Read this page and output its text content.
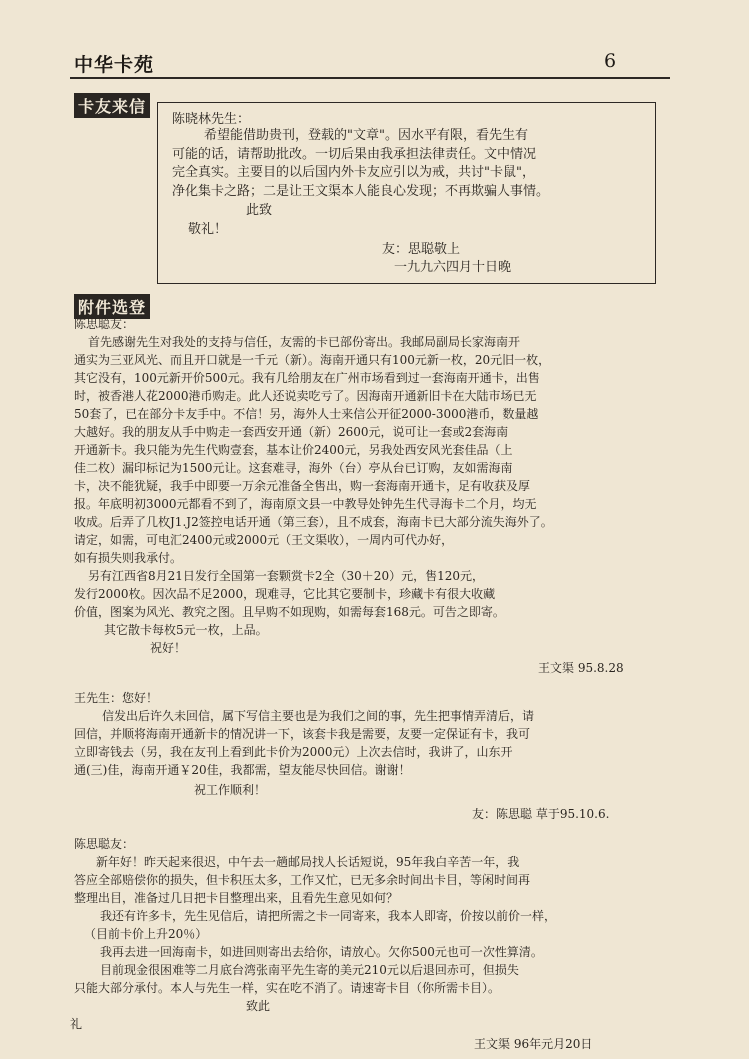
中华卡苑	6
卡友来信
陈晓林先生：
希望能借助贵刊，登载的"文章"。因水平有限，看先生有
可能的话，请帮助批改。一切后果由我承担法律责任。文中情况
完全真实。主要目的以后国内外卡友应引以为戒，共讨"卡鼠"，
净化集卡之路；二是让王文渠本人能良心发现；不再欺骗人事情。
此致
敬礼！
友：思聪敬上
一九九六四月十日晚
附件选登
陈思聪友：
首先感谢先生对我处的支持与信任，友需的卡已部份寄出。我邮局副局长家海南开
通实为三亚风光、而且开口就是一千元（新）。海南开通只有100元新一枚，20元旧一枚，
其它没有，100元新开价500元。我有几给朋友在广州市场看到过一套海南开通卡，出售
时，被香港人花2000港币购走。此人还说卖吃亏了。因海南开通新旧卡在大陆市场已无
50套了，已在部分卡友手中。不信！另，海外人士来信公开征2000-3000港币，数量越
大越好。我的朋友从手中购走一套西安开通（新）2600元，说可让一套或2套海南
开通新卡。我只能为先生代购壹套，基本让价2400元，另我处西安风光套佳品（上
佳二枚）漏印标记为1500元让。这套难寻，海外（台）亭从台已订购，友如需海南
卡，决不能犹疑，我手中即要一万余元准备全售出，购一套海南开通卡，足有收获及厚
报。年底明初3000元都看不到了，海南原文县一中教导处钟先生代寻海卡二个月，均无
收成。后弄了几枚J1.J2签控电话开通（第三套），且不成套，海南卡已大部分流失海外了。
请定，如需，可电汇2400元或2000元（王文渠收），一周内可代办好，
如有损失则我承付。
另有江西省8月21日发行全国第一套颗赏卡2全（30＋20）元，售120元，
发行2000枚。因次品不足2000，现难寻，它比其它要制卡，珍藏卡有很大收藏
价值，图案为风光、教究之图。且早购不如现购，如需每套168元。可告之即寄。
其它散卡每枚5元一枚，上品。
祝好！
王文渠 95.8.28
王先生：您好！
信发出后许久未回信，属下写信主要也是为我们之间的事，先生把事情弄清后，请
回信，并顺将海南开通新卡的情况讲一下，该套卡我是需要，友要一定保证有卡，我可
立即寄钱去（另，我在友刊上看到此卡价为2000元）上次去信时，我讲了，山东开
通(三)佳，海南开通￥20佳，我都需，望友能尽快回信。谢谢！
祝工作顺利！
友：陈思聪 草于95.10.6.
陈思聪友：
新年好！昨天起来很迟，中午去一趟邮局找人长话短说，95年我白辛苦一年，我
答应全部赔偿你的损失，但卡积压太多，工作又忙，已无多余时间出卡目，等闲时间再
整理出目，准备过几日把卡目整理出来，且看先生意见如何？
我还有许多卡，先生见信后，请把所需之卡一同寄来，我本人即寄，价按以前价一样，
（目前卡价上升20％）
我再去进一回海南卡，如进回则寄出去给你，请放心。欠你500元也可一次性算清。
目前现金很困难等二月底台湾张南平先生寄的美元210元以后退回赤可，但损失
只能大部分承付。本人与先生一样，实在吃不消了。请速寄卡目（你所需卡目）。
致此
礼
王文渠 96年元月20日
